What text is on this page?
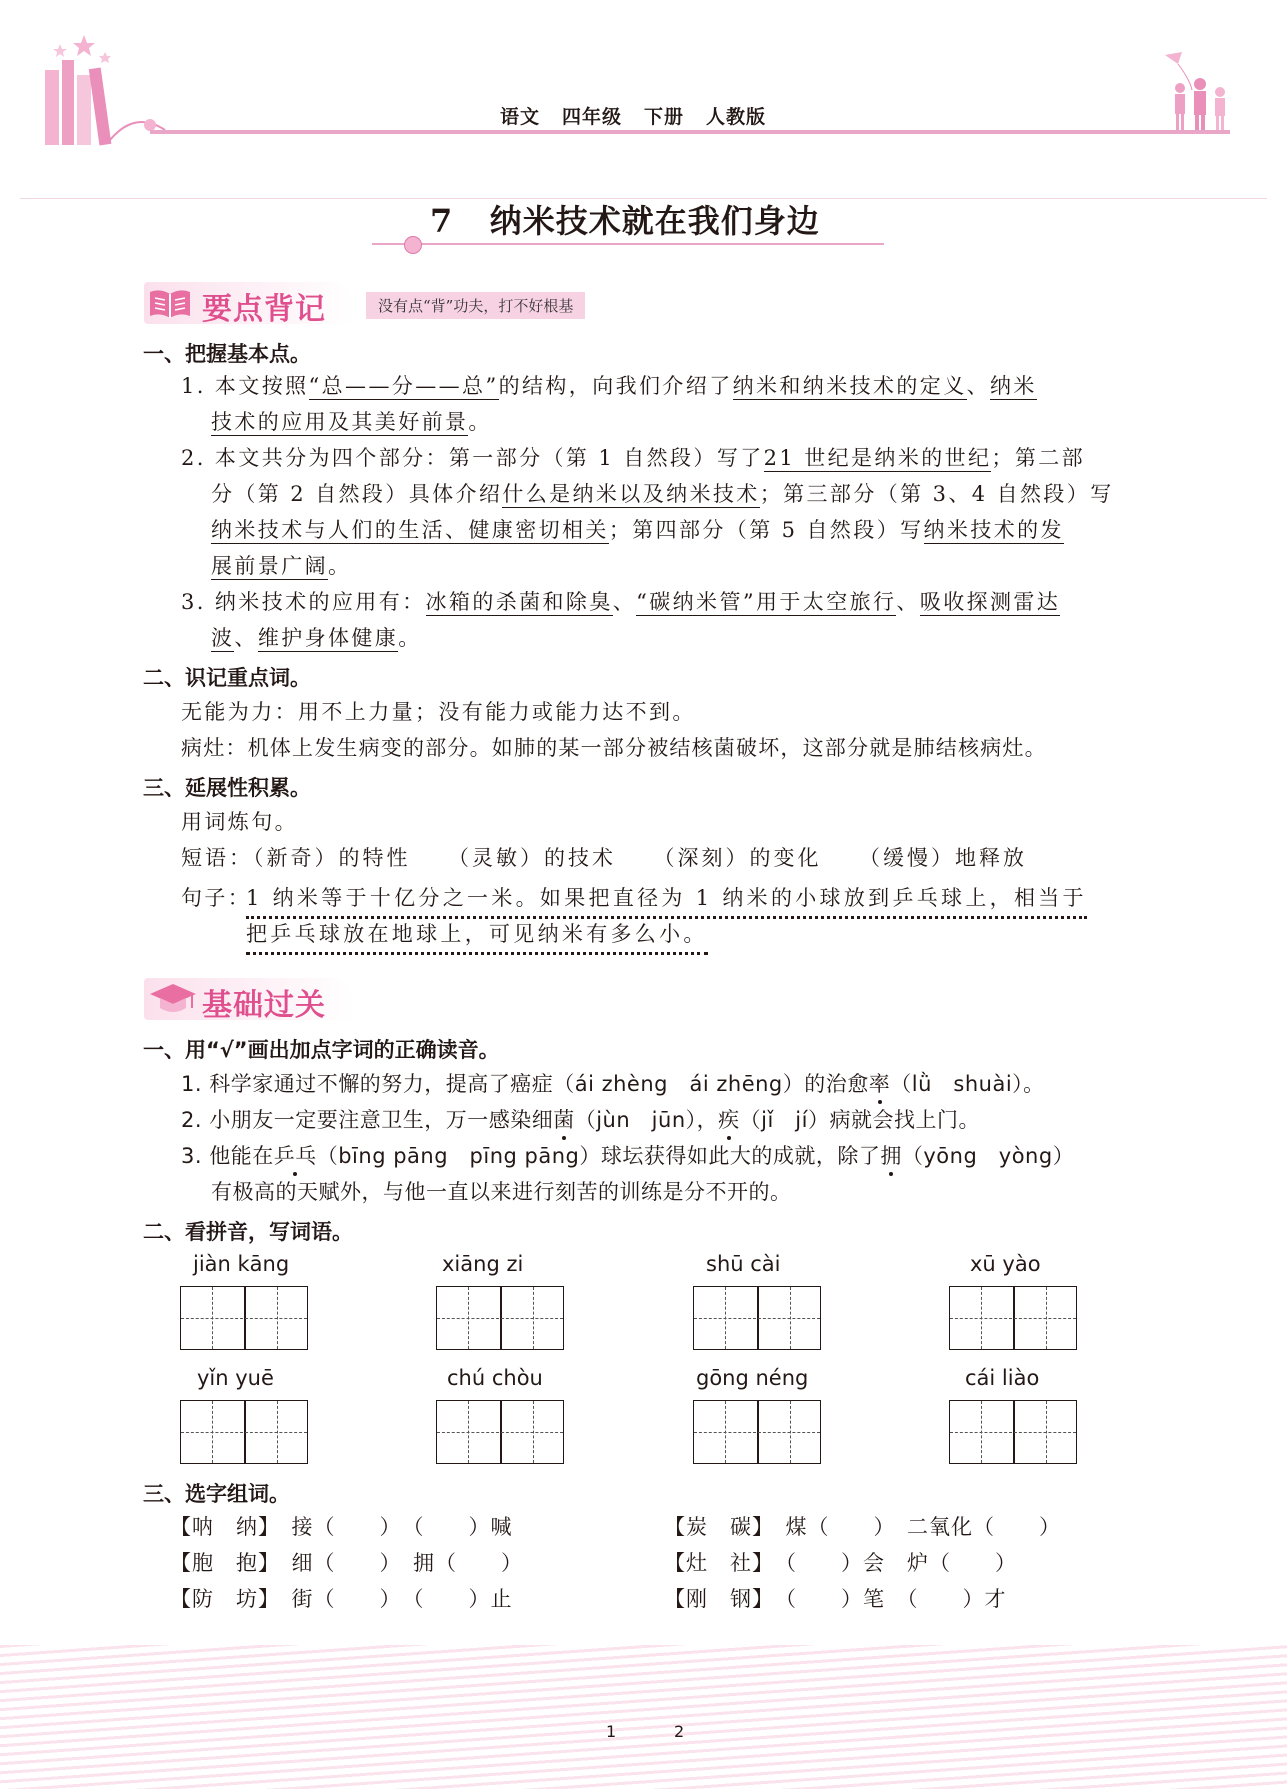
语文 四年级 下册 人教版
7 纳米技术就在我们身边
要点背记	没有点“背”功夫，打不好根基
一、把握基本点。
1. 本文按照“总——分——总”的结构，向我们介绍了纳米和纳米技术的定义、纳米
技术的应用及其美好前景。
2. 本文共分为四个部分：第一部分（第 1 自然段）写了21 世纪是纳米的世纪；第二部
分（第 2 自然段）具体介绍什么是纳米以及纳米技术；第三部分（第 3、4 自然段）写
纳米技术与人们的生活、健康密切相关；第四部分（第 5 自然段）写纳米技术的发
展前景广阔。
3. 纳米技术的应用有：冰箱的杀菌和除臭、“碳纳米管”用于太空旅行、吸收探测雷达
波、维护身体健康。
二、识记重点词。
无能为力：用不上力量；没有能力或能力达不到。
病灶：机体上发生病变的部分。如肺的某一部分被结核菌破坏，这部分就是肺结核病灶。
三、延展性积累。
用词炼句。
短语：（新奇）的特性　　（灵敏）的技术　　（深刻）的变化　　（缓慢）地释放
句子：
1 纳米等于十亿分之一米。如果把直径为 1 纳米的小球放到乒乓球上，相当于
把乒乓球放在地球上，可见纳米有多么小。
基础过关
一、用“√”画出加点字词的正确读音。
1. 科学家通过不懈的努力，提高了癌症（ái zhèng　ái zhēng）的治愈率（lǜ　shuài）。
2. 小朋友一定要注意卫生，万一感染细菌（jùn　jūn），疾（jǐ　jí）病就会找上门。
3. 他能在乒乓（bīng pāng　pīng pāng）球坛获得如此大的成就，除了拥（yōng　yòng）
有极高的天赋外，与他一直以来进行刻苦的训练是分不开的。
二、看拼音，写词语。
jiàn kāng	xiāng zi	shū cài	xū yào
yǐn yuē	chú chòu	gōng néng	cái liào
三、选字组词。
【呐　纳】　接（　　）　（　　）喊
【胞　抱】　细（　　）　拥（　　）
【防　坊】　街（　　）　（　　）止
【炭　碳】　煤（　　）　二氧化（　　）
【灶　社】　（　　）会　炉（　　）
【刚　钢】　（　　）笔　（　　）才
1	2
